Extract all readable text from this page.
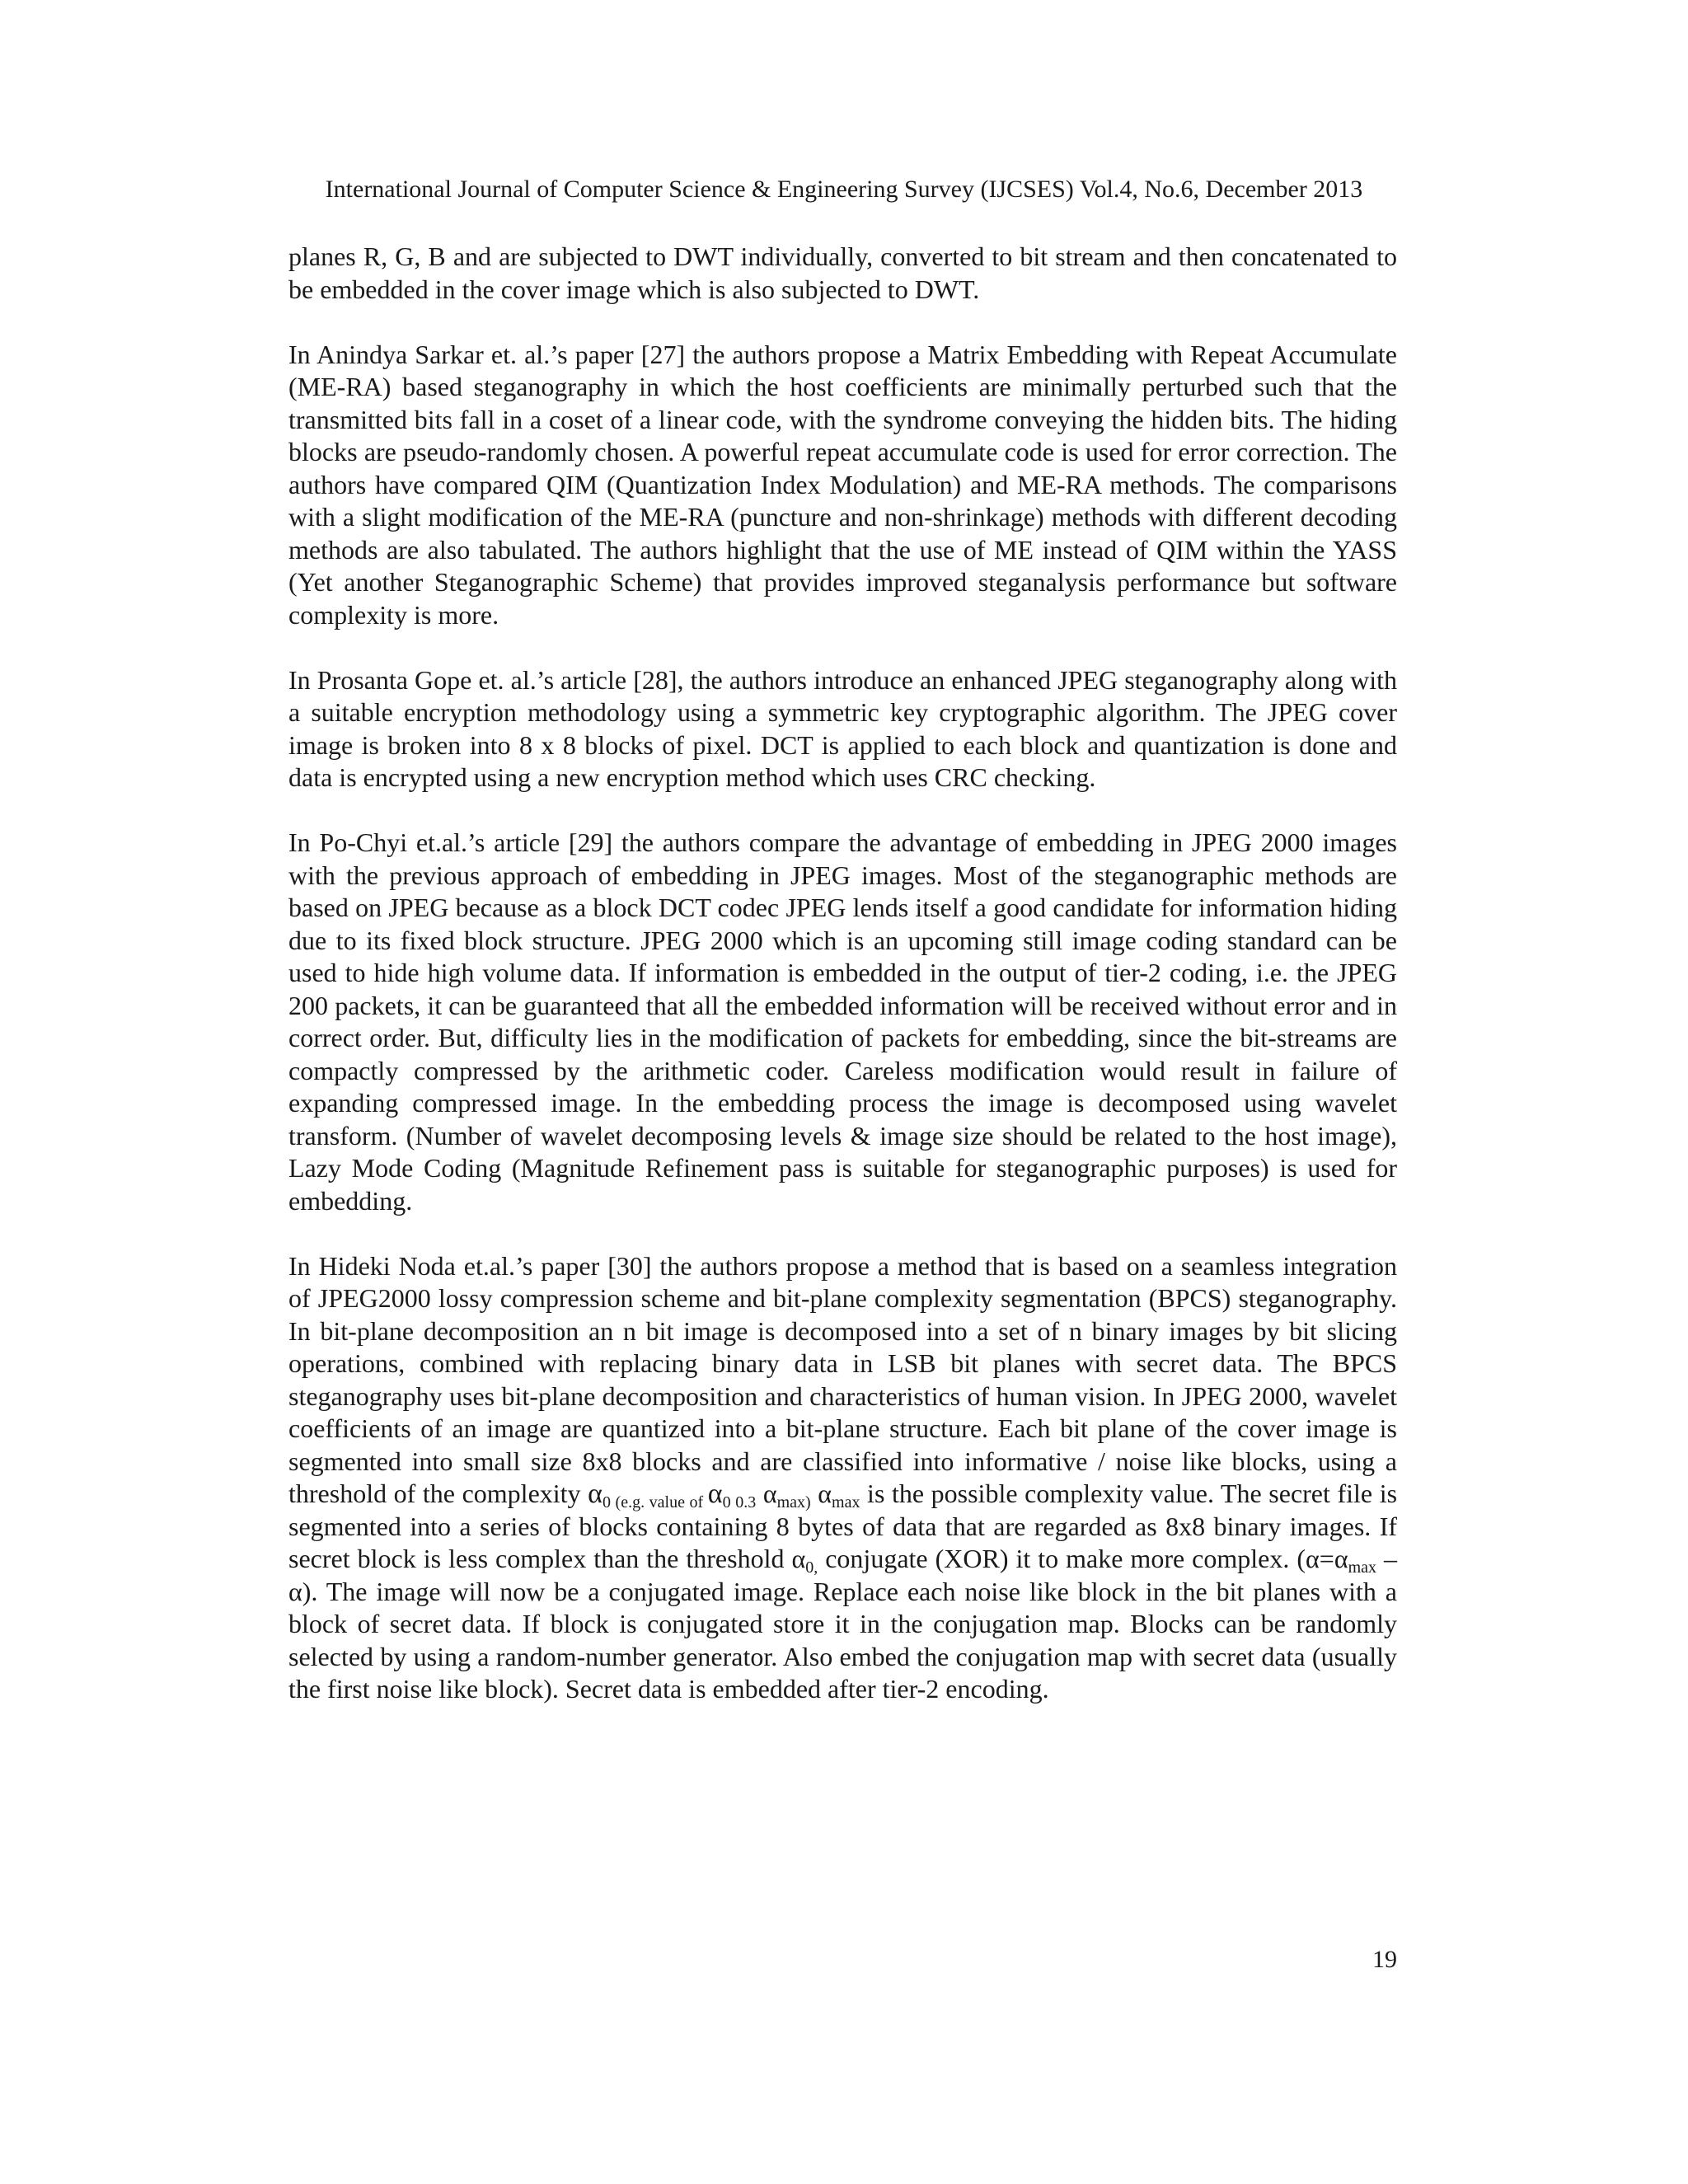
International Journal of Computer Science & Engineering Survey (IJCSES) Vol.4, No.6, December 2013

planes R, G, B and are subjected to DWT individually, converted to bit stream and then concatenated to be embedded in the cover image which is also subjected to DWT.

In Anindya Sarkar et. al.’s paper [27] the authors propose a Matrix Embedding with Repeat Accumulate (ME-RA) based steganography in which the host coefficients are minimally perturbed such that the transmitted bits fall in a coset of a linear code, with the syndrome conveying the hidden bits. The hiding blocks are pseudo-randomly chosen. A powerful repeat accumulate code is used for error correction. The authors have compared QIM (Quantization Index Modulation) and ME-RA methods. The comparisons with a slight modification of the ME-RA (puncture and non-shrinkage) methods with different decoding methods are also tabulated. The authors highlight that the use of ME instead of QIM within the YASS (Yet another Steganographic Scheme) that provides improved steganalysis performance but software complexity is more.

In Prosanta Gope et. al.’s article [28], the authors introduce an enhanced JPEG steganography along with a suitable encryption methodology using a symmetric key cryptographic algorithm. The JPEG cover image is broken into 8 x 8 blocks of pixel. DCT is applied to each block and quantization is done and data is encrypted using a new encryption method which uses CRC checking.

In Po-Chyi et.al.’s article [29] the authors compare the advantage of embedding in JPEG 2000 images with the previous approach of embedding in JPEG images. Most of the steganographic methods are based on JPEG because as a block DCT codec JPEG lends itself a good candidate for information hiding due to its fixed block structure. JPEG 2000 which is an upcoming still image coding standard can be used to hide high volume data. If information is embedded in the output of tier-2 coding, i.e. the JPEG 200 packets, it can be guaranteed that all the embedded information will be received without error and in correct order. But, difficulty lies in the modification of packets for embedding, since the bit-streams are compactly compressed by the arithmetic coder. Careless modification would result in failure of expanding compressed image. In the embedding process the image is decomposed using wavelet transform. (Number of wavelet decomposing levels & image size should be related to the host image), Lazy Mode Coding (Magnitude Refinement pass is suitable for steganographic purposes) is used for embedding.

In Hideki Noda et.al.’s paper [30] the authors propose a method that is based on a seamless integration of JPEG2000 lossy compression scheme and bit-plane complexity segmentation (BPCS) steganography. In bit-plane decomposition an n bit image is decomposed into a set of n binary images by bit slicing operations, combined with replacing binary data in LSB bit planes with secret data. The BPCS steganography uses bit-plane decomposition and characteristics of human vision. In JPEG 2000, wavelet coefficients of an image are quantized into a bit-plane structure. Each bit plane of the cover image is segmented into small size 8x8 blocks and are classified into informative / noise like blocks, using a threshold of the complexity $\alpha_0$ $_{(e.g. value of}$ $\alpha_{0 0.3}$ $\alpha_{max)}$ $\alpha_{max}$ is the possible complexity value. The secret file is segmented into a series of blocks containing 8 bytes of data that are regarded as 8x8 binary images. If secret block is less complex than the threshold $\alpha_{0,}$ conjugate (XOR) it to make more complex. $(\alpha=\alpha_{max} - \alpha)$. The image will now be a conjugated image. Replace each noise like block in the bit planes with a block of secret data. If block is conjugated store it in the conjugation map. Blocks can be randomly selected by using a random-number generator. Also embed the conjugation map with secret data (usually the first noise like block). Secret data is embedded after tier-2 encoding.

19
